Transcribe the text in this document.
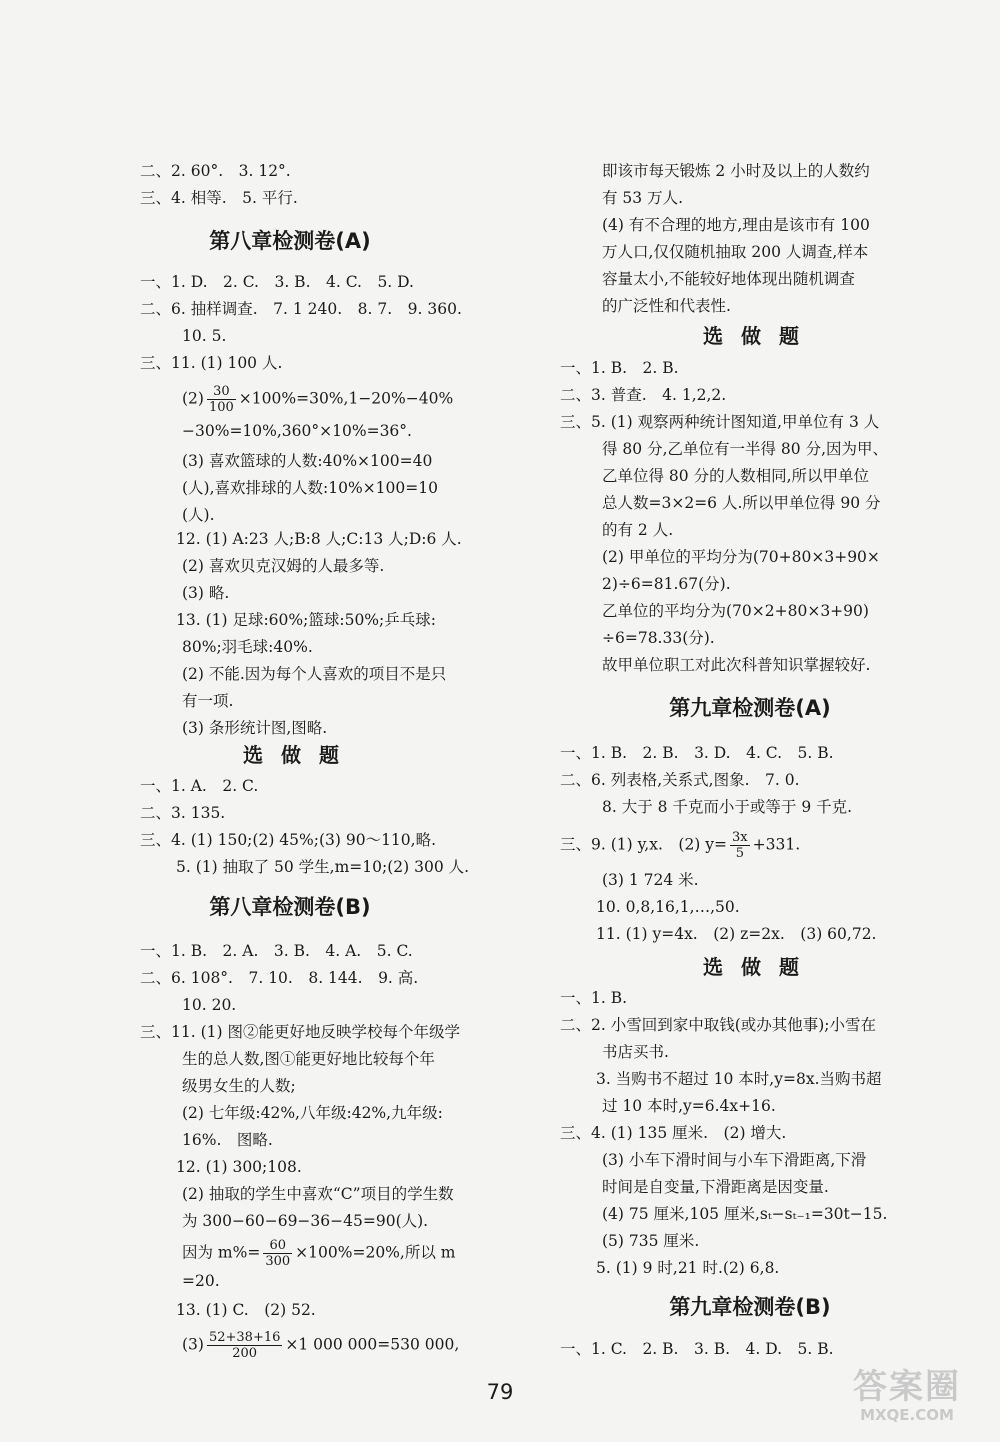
二、2. 60°.　3. 12°.
三、4. 相等.　5. 平行.
第八章检测卷(A)
一、1. D.　2. C.　3. B.　4. C.　5. D.
二、6. 抽样调查.　7. 1 240.　8. 7.　9. 360.
10. 5.
三、11. (1) 100 人.
$(2) \frac{30}{100} \times 100\%=30\%,1-20\%-40\%$
−30%=10%,360°×10%=36°.
(3) 喜欢篮球的人数:40%×100=40
(人),喜欢排球的人数:10%×100=10
(人).
12. (1) A:23 人;B:8 人;C:13 人;D:6 人.
(2) 喜欢贝克汉姆的人最多等.
(3) 略.
13. (1) 足球:60%;篮球:50%;乒乓球:
80%;羽毛球:40%.
(2) 不能.因为每个人喜欢的项目不是只
有一项.
(3) 条形统计图,图略.
选做题
一、1. A.　2. C.
二、3. 135.
三、4. (1) 150;(2) 45%;(3) 90～110,略.
5. (1) 抽取了 50 学生,m=10;(2) 300 人.
第八章检测卷(B)
一、1. B.　2. A.　3. B.　4. A.　5. C.
二、6. 108°.　7. 10.　8. 144.　9. 高.
10. 20.
三、11. (1) 图②能更好地反映学校每个年级学
生的总人数,图①能更好地比较每个年
级男女生的人数;
(2) 七年级:42%,八年级:42%,九年级:
16%.　图略.
12. (1) 300;108.
(2) 抽取的学生中喜欢“C”项目的学生数
为 300−60−69−36−45=90(人).
因为 $m\%= \frac{60}{300} \times 100\%=20\%$,所以 m
=20.
13. (1) C.　(2) 52.
$(3) \frac{52+38+16}{200} \times 1$ 000 000=530 000,
即该市每天锻炼 2 小时及以上的人数约
有 53 万人.
(4) 有不合理的地方,理由是该市有 100
万人口,仅仅随机抽取 200 人调查,样本
容量太小,不能较好地体现出随机调查
的广泛性和代表性.
选做题
一、1. B.　2. B.
二、3. 普查.　4. 1,2,2.
三、5. (1) 观察两种统计图知道,甲单位有 3 人
得 80 分,乙单位有一半得 80 分,因为甲、
乙单位得 80 分的人数相同,所以甲单位
总人数=3×2=6 人.所以甲单位得 90 分
的有 2 人.
(2) 甲单位的平均分为(70+80×3+90×
2)÷6=81.67(分).
乙单位的平均分为(70×2+80×3+90)
÷6=78.33(分).
故甲单位职工对此次科普知识掌握较好.
第九章检测卷(A)
一、1. B.　2. B.　3. D.　4. C.　5. B.
二、6. 列表格,关系式,图象.　7. 0.
8. 大于 8 千克而小于或等于 9 千克.
三、9. (1) y,x.　(2) $y= \frac{3x}{5} +331$.
(3) 1 724 米.
10. 0,8,16,1,…,50.
11. (1) y=4x.　(2) z=2x.　(3) 60,72.
选做题
一、1. B.
二、2. 小雪回到家中取钱(或办其他事);小雪在
书店买书.
3. 当购书不超过 10 本时,y=8x.当购书超
过 10 本时,y=6.4x+16.
三、4. (1) 135 厘米.　(2) 增大.
(3) 小车下滑时间与小车下滑距离,下滑
时间是自变量,下滑距离是因变量.
(4) 75 厘米,105 厘米,sₜ−sₜ₋₁=30t−15.
(5) 735 厘米.
5. (1) 9 时,21 时.(2) 6,8.
第九章检测卷(B)
一、1. C.　2. B.　3. B.　4. D.　5. B.
79	答案圈
MXQE.COM
